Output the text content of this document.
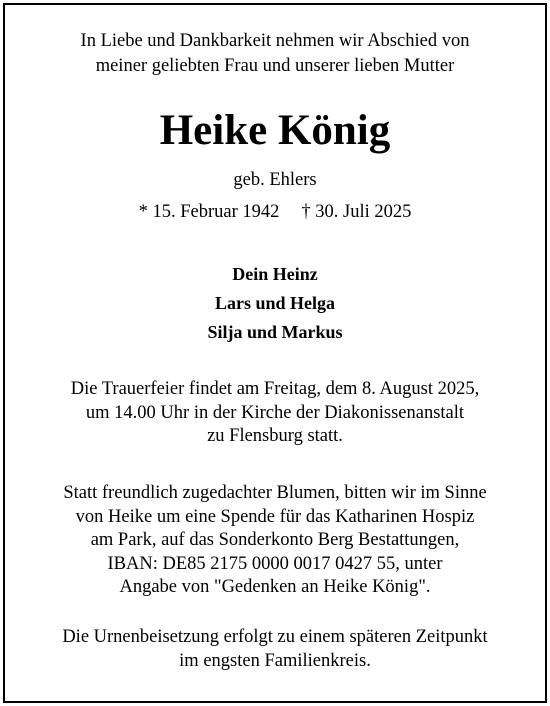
In Liebe und Dankbarkeit nehmen wir Abschied von
meiner geliebten Frau und unserer lieben Mutter
Heike König
geb. Ehlers
* 15. Februar 1942 † 30. Juli 2025
Dein Heinz
Lars und Helga
Silja und Markus
Die Trauerfeier findet am Freitag, dem 8. August 2025,
um 14.00 Uhr in der Kirche der Diakonissenanstalt
zu Flensburg statt.
Statt freundlich zugedachter Blumen, bitten wir im Sinne
von Heike um eine Spende für das Katharinen Hospiz
am Park, auf das Sonderkonto Berg Bestattungen,
IBAN: DE85 2175 0000 0017 0427 55, unter
Angabe von "Gedenken an Heike König".
Die Urnenbeisetzung erfolgt zu einem späteren Zeitpunkt
im engsten Familienkreis.
